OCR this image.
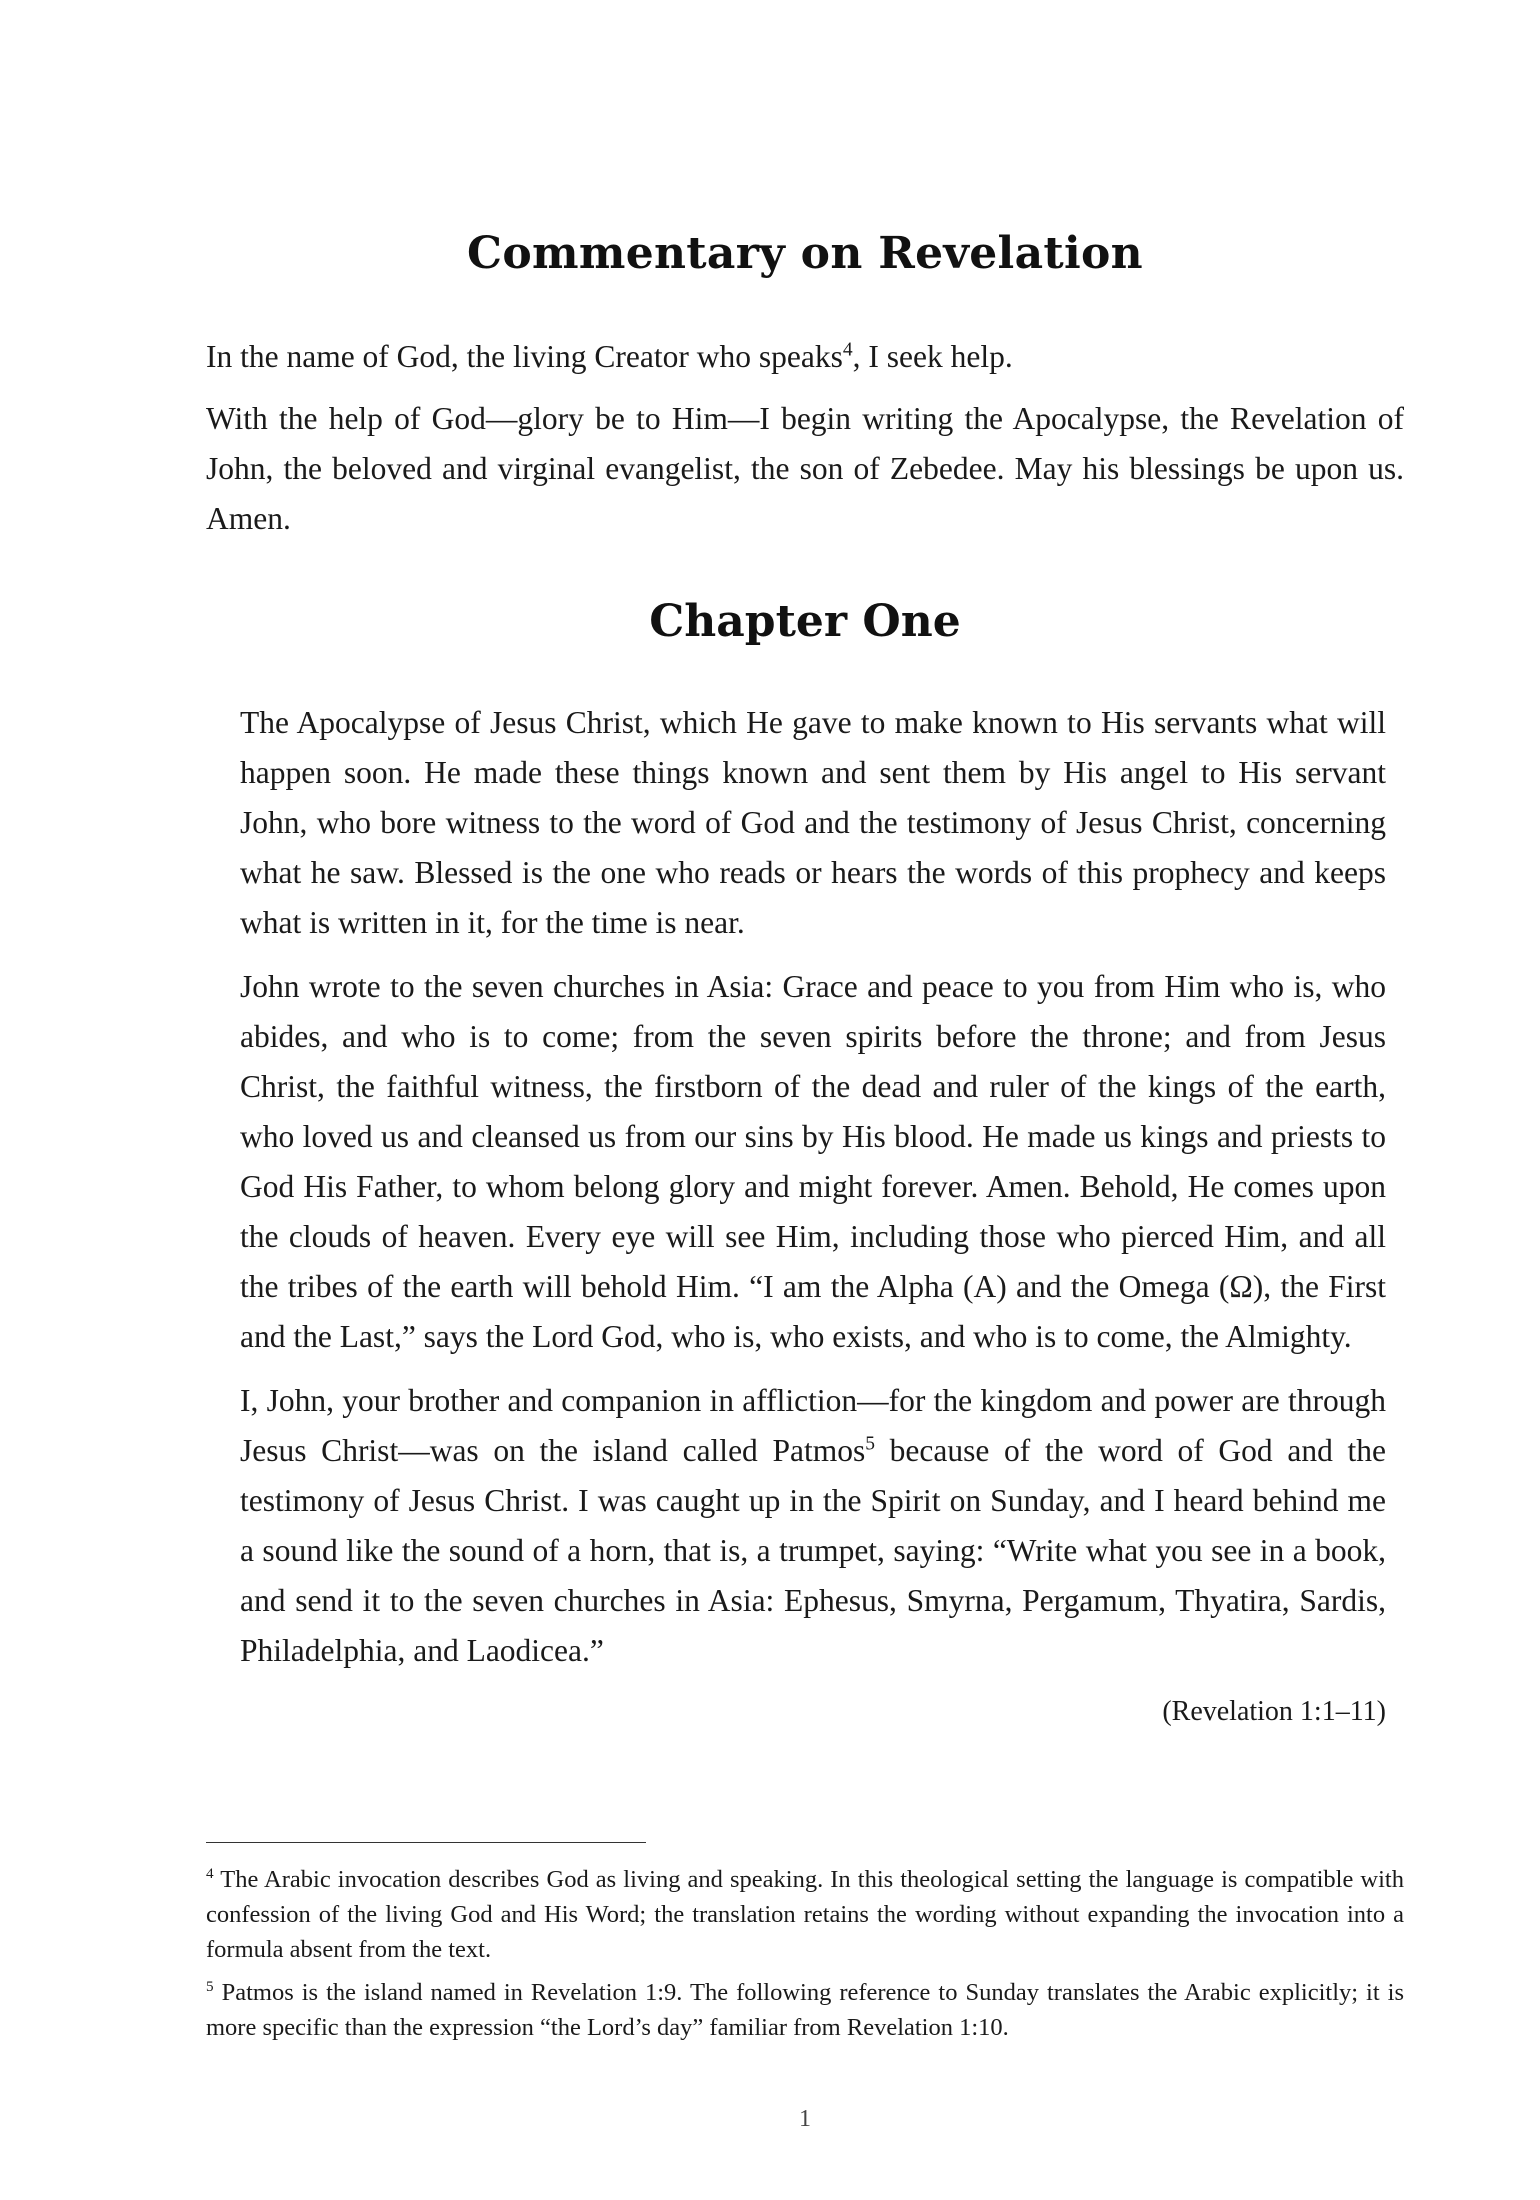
Commentary on Revelation

In the name of God, the living Creator who speaks$^4$, I seek help.

With the help of God—glory be to Him—I begin writing the Apocalypse, the Revelation of John, the beloved and virginal evangelist, the son of Zebedee. May his blessings be upon us. Amen.

Chapter One

The Apocalypse of Jesus Christ, which He gave to make known to His servants what will happen soon. He made these things known and sent them by His angel to His servant John, who bore witness to the word of God and the testimony of Jesus Christ, concerning what he saw. Blessed is the one who reads or hears the words of this prophecy and keeps what is written in it, for the time is near.

John wrote to the seven churches in Asia: Grace and peace to you from Him who is, who abides, and who is to come; from the seven spirits before the throne; and from Jesus Christ, the faithful witness, the firstborn of the dead and ruler of the kings of the earth, who loved us and cleansed us from our sins by His blood. He made us kings and priests to God His Father, to whom belong glory and might forever. Amen. Behold, He comes upon the clouds of heaven. Every eye will see Him, including those who pierced Him, and all the tribes of the earth will behold Him. “I am the Alpha (A) and the Omega (Ω), the First and the Last,” says the Lord God, who is, who exists, and who is to come, the Almighty.

I, John, your brother and companion in affliction—for the kingdom and power are through Jesus Christ—was on the island called Patmos$^5$ because of the word of God and the testimony of Jesus Christ. I was caught up in the Spirit on Sunday, and I heard behind me a sound like the sound of a horn, that is, a trumpet, saying: “Write what you see in a book, and send it to the seven churches in Asia: Ephesus, Smyrna, Pergamum, Thyatira, Sardis, Philadelphia, and Laodicea.”

(Revelation 1:1–11)

$^4$ The Arabic invocation describes God as living and speaking. In this theological setting the language is compatible with confession of the living God and His Word; the translation retains the wording without expanding the invocation into a formula absent from the text.

$^5$ Patmos is the island named in Revelation 1:9. The following reference to Sunday translates the Arabic explicitly; it is more specific than the expression “the Lord’s day” familiar from Revelation 1:10.

1
